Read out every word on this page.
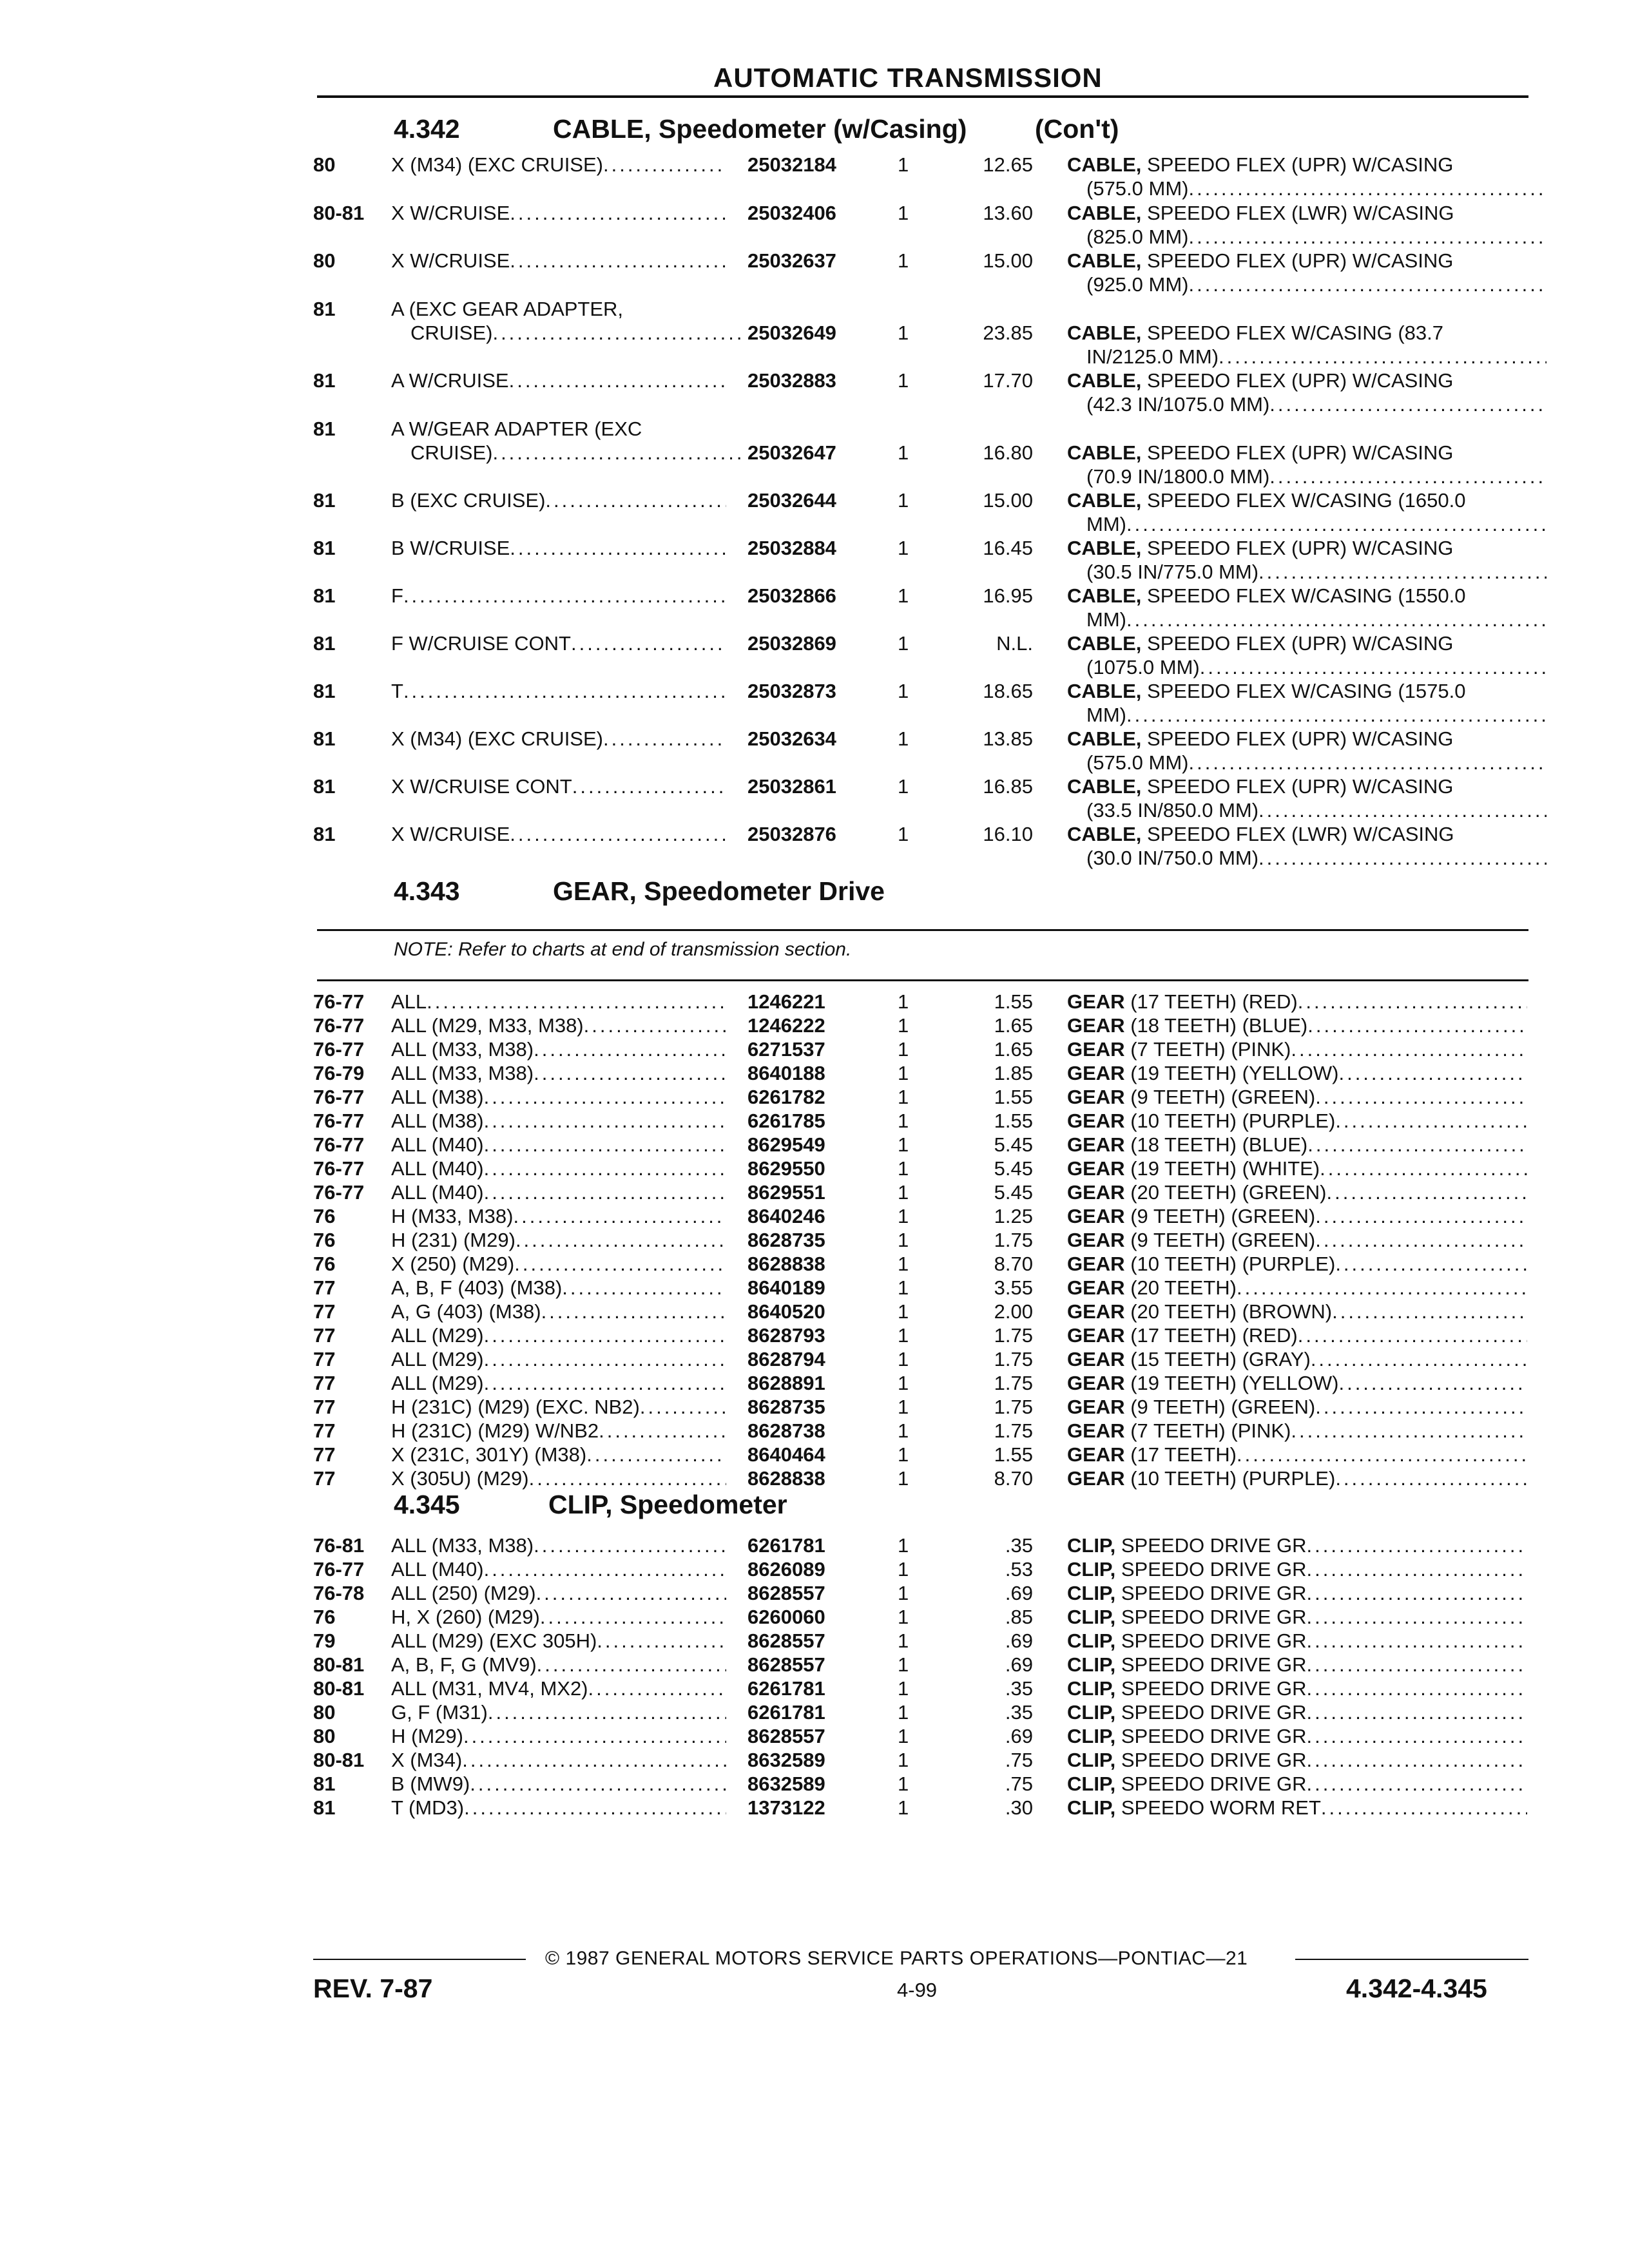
AUTOMATIC TRANSMISSION
4.342	CABLE, Speedometer (w/Casing)	(Con't)
80	X (M34) (EXC CRUISE) .....	25032184	1	12.65 CABLE, SPEEDO FLEX (UPR) W/CASING
(575.0 MM)
.....
80-81 X W/CRUISE .....	25032406	1	13.60 CABLE, SPEEDO FLEX (LWR) W/CASING
(825.0 MM)
.....
80	X W/CRUISE .....	25032637	1	15.00 CABLE, SPEEDO FLEX (UPR) W/CASING
(925.0 MM)
.....
81	A (EXC GEAR ADAPTER,
CRUISE) .....	25032649	1	23.85 CABLE, SPEEDO FLEX W/CASING (83.7
IN/2125.0 MM)
.....
81	A W/CRUISE .....	25032883	1	17.70 CABLE, SPEEDO FLEX (UPR) W/CASING
(42.3 IN/1075.0 MM)
.....
81	A W/GEAR ADAPTER (EXC
CRUISE) .....	25032647	1	16.80 CABLE, SPEEDO FLEX (UPR) W/CASING
(70.9 IN/1800.0 MM)
.....
81	B (EXC CRUISE) .....	25032644	1	15.00 CABLE, SPEEDO FLEX W/CASING (1650.0
MM)
.....
81	B W/CRUISE .....	25032884	1	16.45 CABLE, SPEEDO FLEX (UPR) W/CASING
(30.5 IN/775.0 MM)
.....
81	F .....	25032866	1	16.95 CABLE, SPEEDO FLEX W/CASING (1550.0
MM)
.....
81	F W/CRUISE CONT .....	25032869	1	N.L. CABLE, SPEEDO FLEX (UPR) W/CASING
(1075.0 MM)
.....
81	T .....	25032873	1	18.65 CABLE, SPEEDO FLEX W/CASING (1575.0
MM)
.....
81	X (M34) (EXC CRUISE) .....	25032634	1	13.85 CABLE, SPEEDO FLEX (UPR) W/CASING
(575.0 MM)
.....
81	X W/CRUISE CONT .....	25032861	1	16.85 CABLE, SPEEDO FLEX (UPR) W/CASING
(33.5 IN/850.0 MM)
.....
81	X W/CRUISE .....	25032876	1	16.10 CABLE, SPEEDO FLEX (LWR) W/CASING
(30.0 IN/750.0 MM)
.....
4.343	GEAR, Speedometer Drive
NOTE: Refer to charts at end of transmission section.
76-77 ALL .....	1246221	1	1.55 GEAR (17 TEETH) (RED)
.....
76-77 ALL (M29, M33, M38) .....	1246222	1	1.65 GEAR (18 TEETH) (BLUE)
.....
76-77 ALL (M33, M38) .....	6271537	1	1.65 GEAR (7 TEETH) (PINK)
.....
76-79 ALL (M33, M38) .....	8640188	1	1.85 GEAR (19 TEETH) (YELLOW)
.....
76-77 ALL (M38) .....	6261782	1	1.55 GEAR (9 TEETH) (GREEN)
.....
76-77 ALL (M38) .....	6261785	1	1.55 GEAR (10 TEETH) (PURPLE)
.....
76-77 ALL (M40) .....	8629549	1	5.45 GEAR (18 TEETH) (BLUE)
.....
76-77 ALL (M40) .....	8629550	1	5.45 GEAR (19 TEETH) (WHITE)
.....
76-77 ALL (M40) .....	8629551	1	5.45 GEAR (20 TEETH) (GREEN)
.....
76	H (M33, M38) .....	8640246	1	1.25 GEAR (9 TEETH) (GREEN)
.....
76	H (231) (M29) .....	8628735	1	1.75 GEAR (9 TEETH) (GREEN)
.....
76	X (250) (M29) .....	8628838	1	8.70 GEAR (10 TEETH) (PURPLE)
.....
77	A, B, F (403) (M38) .....	8640189	1	3.55 GEAR (20 TEETH)
.....
77	A, G (403) (M38) .....	8640520	1	2.00 GEAR (20 TEETH) (BROWN)
.....
77	ALL (M29) .....	8628793	1	1.75 GEAR (17 TEETH) (RED)
.....
77	ALL (M29) .....	8628794	1	1.75 GEAR (15 TEETH) (GRAY)
.....
77	ALL (M29) .....	8628891	1	1.75 GEAR (19 TEETH) (YELLOW)
.....
77	H (231C) (M29) (EXC. NB2) .....	8628735	1	1.75 GEAR (9 TEETH) (GREEN)
.....
77	H (231C) (M29) W/NB2 .....	8628738	1	1.75 GEAR (7 TEETH) (PINK)
.....
77	X (231C, 301Y) (M38) .....	8640464	1	1.55 GEAR (17 TEETH)
.....
77	X (305U) (M29) .....	8628838	1	8.70 GEAR (10 TEETH) (PURPLE)
.....
4.345	CLIP, Speedometer
76-81 ALL (M33, M38) .....	6261781	1	.35 CLIP, SPEEDO DRIVE GR
.....
76-77 ALL (M40) .....	8626089	1	.53 CLIP, SPEEDO DRIVE GR
.....
76-78 ALL (250) (M29) .....	8628557	1	.69 CLIP, SPEEDO DRIVE GR
.....
76	H, X (260) (M29) .....	6260060	1	.85 CLIP, SPEEDO DRIVE GR
.....
79	ALL (M29) (EXC 305H) .....	8628557	1	.69 CLIP, SPEEDO DRIVE GR
.....
80-81 A, B, F, G (MV9) .....	8628557	1	.69 CLIP, SPEEDO DRIVE GR
.....
80-81 ALL (M31, MV4, MX2) .....	6261781	1	.35 CLIP, SPEEDO DRIVE GR
.....
80	G, F (M31) .....	6261781	1	.35 CLIP, SPEEDO DRIVE GR
.....
80	H (M29) .....	8628557	1	.69 CLIP, SPEEDO DRIVE GR
.....
80-81 X (M34) .....	8632589	1	.75 CLIP, SPEEDO DRIVE GR
.....
81	B (MW9) .....	8632589	1	.75 CLIP, SPEEDO DRIVE GR
.....
81	T (MD3) .....	1373122	1	.30 CLIP, SPEEDO WORM RET
.....
© 1987 GENERAL MOTORS SERVICE PARTS OPERATIONS—PONTIAC—21
REV. 7-87	4-99	4.342-4.345
